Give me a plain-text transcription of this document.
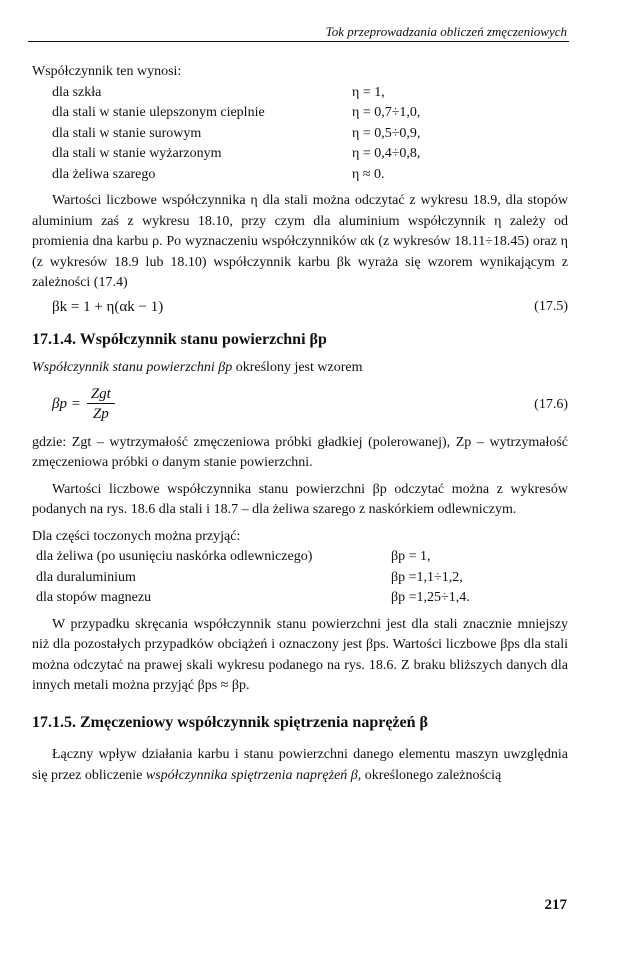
Tok przeprowadzania obliczeń zmęczeniowych

Współczynnik ten wynosi:

dla szkła	η = 1,
dla stali w stanie ulepszonym cieplnie	η = 0,7÷1,0,
dla stali w stanie surowym	η = 0,5÷0,9,
dla stali w stanie wyżarzonym	η = 0,4÷0,8,
dla żeliwa szarego	η ≈ 0.

Wartości liczbowe współczynnika η dla stali można odczytać z wykresu 18.9, dla stopów aluminium zaś z wykresu 18.10, przy czym dla aluminium współczynnik η zależy od promienia dna karbu ρ. Po wyznaczeniu współczynników αk (z wykresów 18.11÷18.45) oraz η (z wykresów 18.9 lub 18.10) współczynnik karbu βk wyraża się wzorem wynikającym z zależności (17.4)

βk = 1 + η(αk − 1)	(17.5)
17.1.4. Współczynnik stanu powierzchni βp

Współczynnik stanu powierzchni βp określony jest wzorem

$\beta p = \frac{\text{Zgt}}{Zp}$	(17.6)

gdzie: Zgt – wytrzymałość zmęczeniowa próbki gładkiej (polerowanej), Zp – wytrzymałość zmęczeniowa próbki o danym stanie powierzchni.

Wartości liczbowe współczynnika stanu powierzchni βp odczytać można z wykresów podanych na rys. 18.6 dla stali i 18.7 – dla żeliwa szarego z naskórkiem odlewniczym.

Dla części toczonych można przyjąć:

dla żeliwa (po usunięciu naskórka odlewniczego)	βp = 1,
dla duraluminium	βp =1,1÷1,2,
dla stopów magnezu	βp =1,25÷1,4.

W przypadku skręcania współczynnik stanu powierzchni jest dla stali znacznie mniejszy niż dla pozostałych przypadków obciążeń i oznaczony jest βps. Wartości liczbowe βps dla stali można odczytać na prawej skali wykresu podanego na rys. 18.6. Z braku bliższych danych dla innych metali można przyjąć βps ≈ βp.

17.1.5. Zmęczeniowy współczynnik spiętrzenia naprężeń β

Łączny wpływ działania karbu i stanu powierzchni danego elementu maszyn uwzględnia się przez obliczenie współczynnika spiętrzenia naprężeń β, określonego zależnością

217
